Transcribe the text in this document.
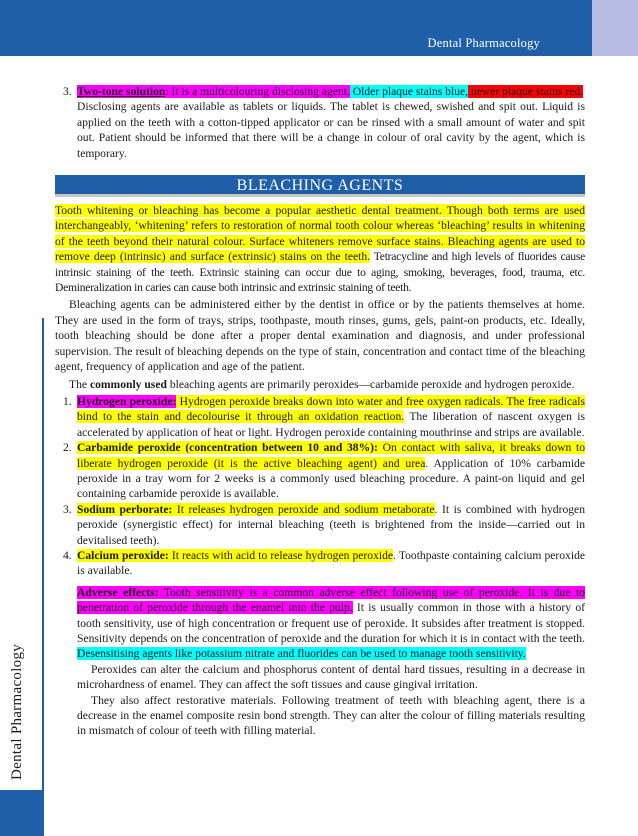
Dental Pharmacology
Dental Pharmacology
3. Two-tone solution: It is a multicolouring disclosing agent. Older plaque stains blue, newer plaque stains red.
Disclosing agents are available as tablets or liquids. The tablet is chewed, swished and spit out. Liquid is applied on the teeth with a cotton-tipped applicator or can be rinsed with a small amount of water and spit out. Patient should be informed that there will be a change in colour of oral cavity by the agent, which is temporary.
BLEACHING AGENTS
Tooth whitening or bleaching has become a popular aesthetic dental treatment. Though both terms are used interchangeably, ‘whitening’ refers to restoration of normal tooth colour whereas ‘bleaching’ results in whitening of the teeth beyond their natural colour. Surface whiteners remove surface stains. Bleaching agents are used to remove deep (intrinsic) and surface (extrinsic) stains on the teeth. Tetracycline and high levels of fluorides cause intrinsic staining of the teeth. Extrinsic staining can occur due to aging, smoking, beverages, food, trauma, etc. Demineralization in caries can cause both intrinsic and extrinsic staining of teeth.
Bleaching agents can be administered either by the dentist in office or by the patients themselves at home. They are used in the form of trays, strips, toothpaste, mouth rinses, gums, gels, paint-on products, etc. Ideally, tooth bleaching should be done after a proper dental examination and diagnosis, and under professional supervision. The result of bleaching depends on the type of stain, concentration and contact time of the bleaching agent, frequency of application and age of the patient.
The commonly used bleaching agents are primarily peroxides—carbamide peroxide and hydrogen peroxide.
1. Hydrogen peroxide: Hydrogen peroxide breaks down into water and free oxygen radicals. The free radicals bind to the stain and decolourise it through an oxidation reaction. The liberation of nascent oxygen is accelerated by application of heat or light. Hydrogen peroxide containing mouthrinse and strips are available.
2. Carbamide peroxide (concentration between 10 and 38%): On contact with saliva, it breaks down to liberate hydrogen peroxide (it is the active bleaching agent) and urea. Application of 10% carbamide peroxide in a tray worn for 2 weeks is a commonly used bleaching procedure. A paint-on liquid and gel containing carbamide peroxide is available.
3. Sodium perborate: It releases hydrogen peroxide and sodium metaborate. It is combined with hydrogen peroxide (synergistic effect) for internal bleaching (teeth is brightened from the inside—carried out in devitalised teeth).
4. Calcium peroxide: It reacts with acid to release hydrogen peroxide. Toothpaste containing calcium peroxide is available.
Adverse effects: Tooth sensitivity is a common adverse effect following use of peroxide. It is due to penetration of peroxide through the enamel into the pulp. It is usually common in those with a history of tooth sensitivity, use of high concentration or frequent use of peroxide. It subsides after treatment is stopped. Sensitivity depends on the concentration of peroxide and the duration for which it is in contact with the teeth. Desensitising agents like potassium nitrate and fluorides can be used to manage tooth sensitivity.
Peroxides can alter the calcium and phosphorus content of dental hard tissues, resulting in a decrease in microhardness of enamel. They can affect the soft tissues and cause gingival irritation.
They also affect restorative materials. Following treatment of teeth with bleaching agent, there is a decrease in the enamel composite resin bond strength. They can alter the colour of filling materials resulting in mismatch of colour of teeth with filling material.
